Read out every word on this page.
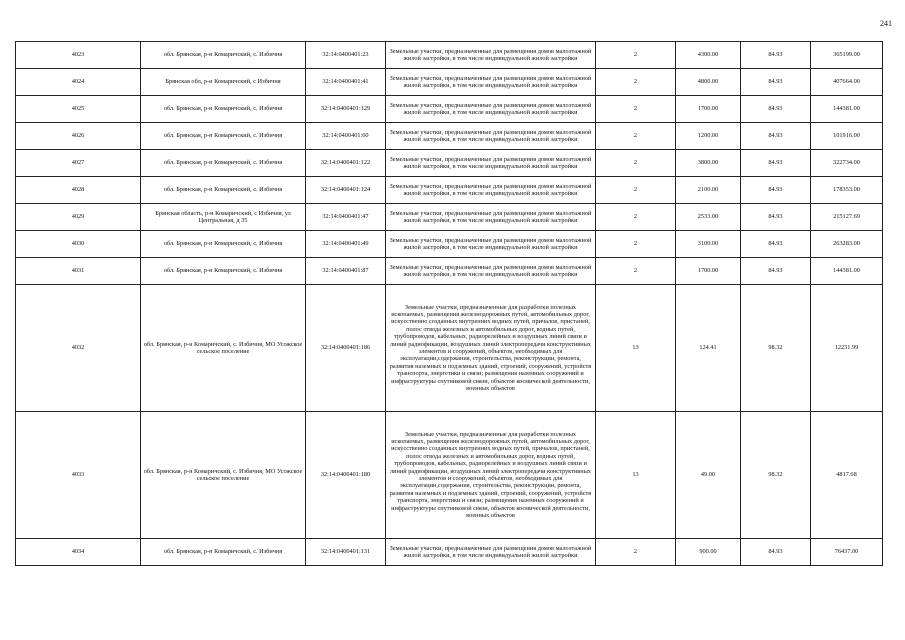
241
4023	обл. Брянская, р-н Комаричский, с. Избичня	32:14:0400401:23	Земельные участки, предназначенные для размещения домов малоэтажной жилой застройки, в том числе индивидуальной жилой застройки	2	4300.00	84.93	365199.00
4024	Брянская обл, р-н Комаричский, с Избичня	32:14:0400401:41	Земельные участки, предназначенные для размещения домов малоэтажной жилой застройки, в том числе индивидуальной жилой застройки	2	4800.00	84.93	407664.00
4025	обл. Брянская, р-н Комаричский, с. Избичня	32:14:0400401:129	Земельные участки, предназначенные для размещения домов малоэтажной жилой застройки, в том числе индивидуальной жилой застройки	2	1700.00	84.93	144381.00
4026	обл. Брянская, р-н Комаричский, с. Избичня	32:14:0400401:60	Земельные участки, предназначенные для размещения домов малоэтажной жилой застройки, в том числе индивидуальной жилой застройки	2	1200.00	84.93	101916.00
4027	обл. Брянская, р-н Комаричский, с. Избичня	32:14:0400401:122	Земельные участки, предназначенные для размещения домов малоэтажной жилой застройки, в том числе индивидуальной жилой застройки	2	3800.00	84.93	322734.00
4028	обл. Брянская, р-н Комаричский, с. Избичня	32:14:0400401:124	Земельные участки, предназначенные для размещения домов малоэтажной жилой застройки, в том числе индивидуальной жилой застройки	2	2100.00	84.93	178353.00
4029	Брянская область, р-н Комаричский, с Избичня, ул Центральная, д 35	32:14:0400401:47	Земельные участки, предназначенные для размещения домов малоэтажной жилой застройки, в том числе индивидуальной жилой застройки	2	2533.00	84.93	215127.69
4030	обл. Брянская, р-н Комаричский, с. Избичня	32:14:0400401:49	Земельные участки, предназначенные для размещения домов малоэтажной жилой застройки, в том числе индивидуальной жилой застройки	2	3100.00	84.93	263283.00
4031	обл. Брянская, р-н Комаричский, с. Избичня	32:14:0400401:87	Земельные участки, предназначенные для размещения домов малоэтажной жилой застройки, в том числе индивидуальной жилой застройки	2	1700.00	84.93	144381.00
4032	обл. Брянская, р-н Комаричский, с. Избичня, МО Усожское сельское поселение	32:14:0400401:186	Земельные участки, предназначенные для разработки полезных ископаемых, размещения железнодорожных путей, автомобильных дорог, искусственно созданных внутренних водных путей, причалов, пристаней, полос отвода железных и автомобильных дорог, водных путей, трубопроводов, кабельных, радиорелейных и воздушных линий связи и линий радиофикации, воздушных линий электропередачи конструктивных элементов и сооружений, объектов, необходимых для эксплуатации,содержания, строительства, реконструкции, ремонта, развития наземных и подземных зданий, строений, сооружений, устройств транспорта, энергетики и связи; размещения наземных сооружений и инфраструктуры спутниковой связи, объектов космической деятельности, военных объектов	13	124.41	98.32	12231.99
4033	обл. Брянская, р-н Комаричский, с. Избичня, МО Усожское сельское поселение	32:14:0400401:180	Земельные участки, предназначенные для разработки полезных ископаемых, размещения железнодорожных путей, автомобильных дорог, искусственно созданных внутренних водных путей, причалов, пристаней, полос отвода железных и автомобильных дорог, водных путей, трубопроводов, кабельных, радиорелейных и воздушных линий связи и линий радиофикации, воздушных линий электропередачи конструктивных элементов и сооружений, объектов, необходимых для эксплуатации,содержания, строительства, реконструкции, ремонта, развития наземных и подземных зданий, строений, сооружений, устройств транспорта, энергетики и связи; размещения наземных сооружений и инфраструктуры спутниковой связи, объектов космической деятельности, военных объектов	13	49.00	98.32	4817.68
4034	обл. Брянская, р-н Комаричский, с. Избичня	32:14:0400401:131	Земельные участки, предназначенные для размещения домов малоэтажной жилой застройки, в том числе индивидуальной жилой застройки	2	900.00	84.93	76437.00
